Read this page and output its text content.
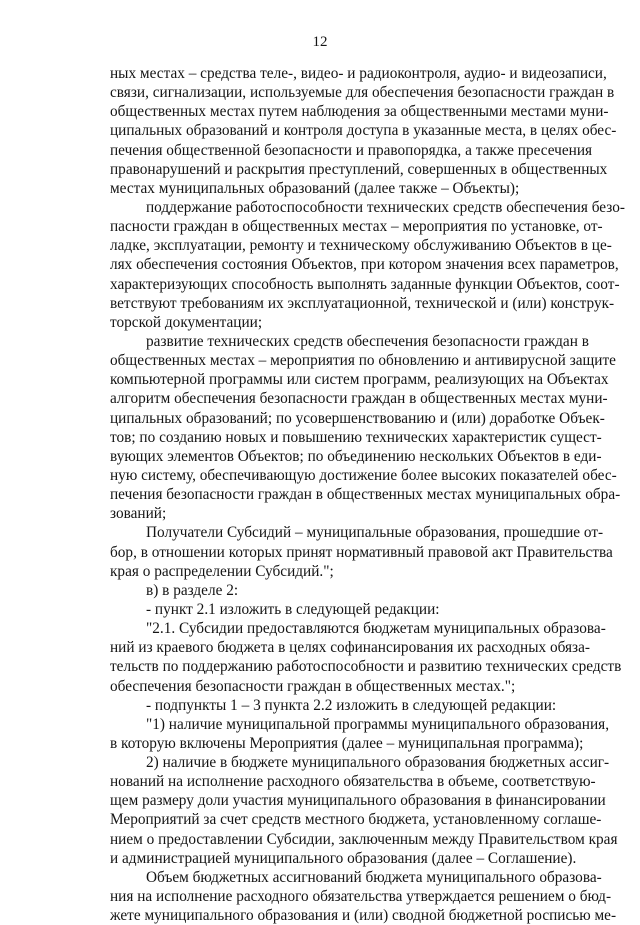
12
ных местах – средства теле-, видео- и радиоконтроля, аудио- и видеозаписи,
связи, сигнализации, используемые для обеспечения безопасности граждан в
общественных местах путем наблюдения за общественными местами муни-
ципальных образований и контроля доступа в указанные места, в целях обес-
печения общественной безопасности и правопорядка, а также пресечения
правонарушений и раскрытия преступлений, совершенных в общественных
местах муниципальных образований (далее также – Объекты);
поддержание работоспособности технических средств обеспечения безо-
пасности граждан в общественных местах – мероприятия по установке, от-
ладке, эксплуатации, ремонту и техническому обслуживанию Объектов в це-
лях обеспечения состояния Объектов, при котором значения всех параметров,
характеризующих способность выполнять заданные функции Объектов, соот-
ветствуют требованиям их эксплуатационной, технической и (или) конструк-
торской документации;
развитие технических средств обеспечения безопасности граждан в
общественных местах – мероприятия по обновлению и антивирусной защите
компьютерной программы или систем программ, реализующих на Объектах
алгоритм обеспечения безопасности граждан в общественных местах муни-
ципальных образований; по усовершенствованию и (или) доработке Объек-
тов; по созданию новых и повышению технических характеристик сущест-
вующих элементов Объектов; по объединению нескольких Объектов в еди-
ную систему, обеспечивающую достижение более высоких показателей обес-
печения безопасности граждан в общественных местах муниципальных обра-
зований;
Получатели Субсидий – муниципальные образования, прошедшие от-
бор, в отношении которых принят нормативный правовой акт Правительства
края о распределении Субсидий.";
в) в разделе 2:
- пункт 2.1 изложить в следующей редакции:
"2.1. Субсидии предоставляются бюджетам муниципальных образова-
ний из краевого бюджета в целях софинансирования их расходных обяза-
тельств по поддержанию работоспособности и развитию технических средств
обеспечения безопасности граждан в общественных местах.";
- подпункты 1 – 3 пункта 2.2 изложить в следующей редакции:
"1) наличие муниципальной программы муниципального образования,
в которую включены Мероприятия (далее – муниципальная программа);
2) наличие в бюджете муниципального образования бюджетных ассиг-
нований на исполнение расходного обязательства в объеме, соответствую-
щем размеру доли участия муниципального образования в финансировании
Мероприятий за счет средств местного бюджета, установленному соглаше-
нием о предоставлении Субсидии, заключенным между Правительством края
и администрацией муниципального образования (далее – Соглашение).
Объем бюджетных ассигнований бюджета муниципального образова-
ния на исполнение расходного обязательства утверждается решением о бюд-
жете муниципального образования и (или) сводной бюджетной росписью ме-
